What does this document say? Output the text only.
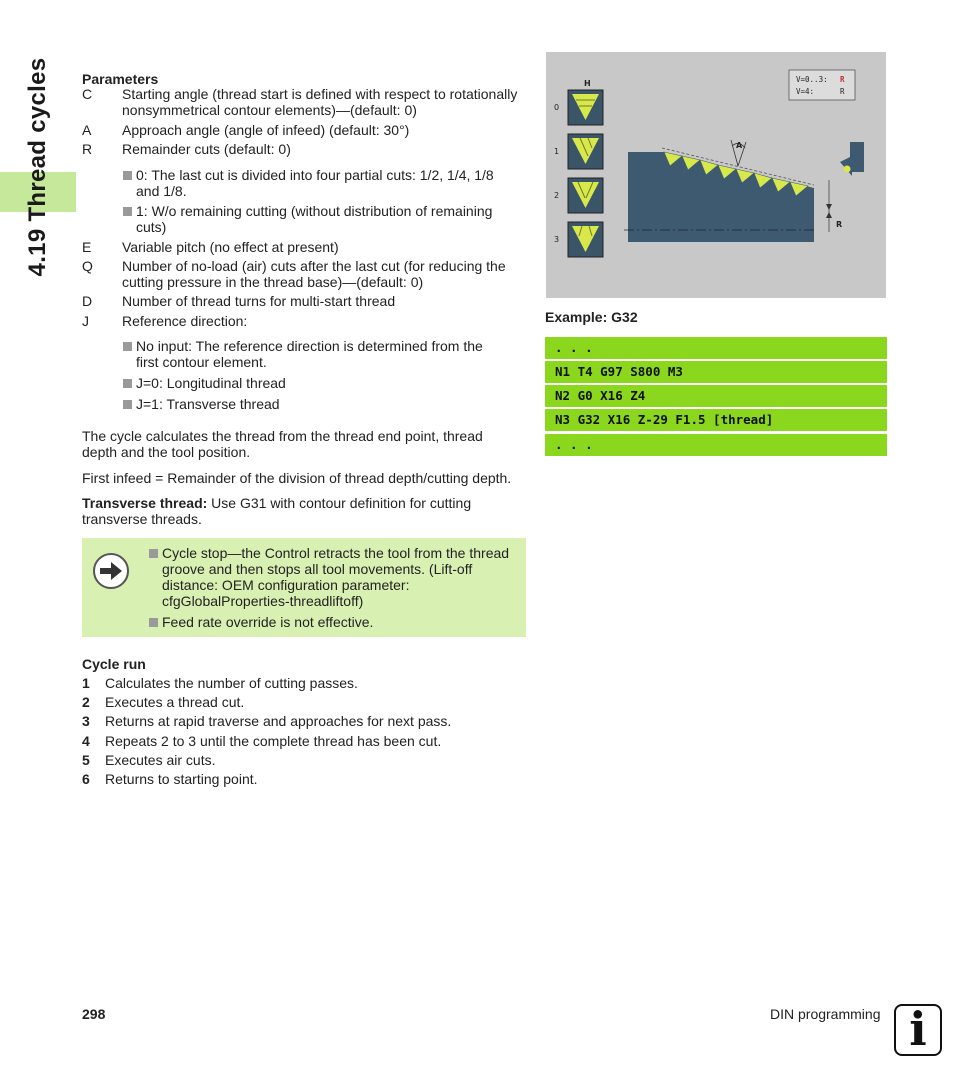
4.19 Thread cycles Parameters
C Starting angle (thread start is defined with respect to rotationally nonsymmetrical contour elements)—(default: 0)
A Approach angle (angle of infeed) (default: 30°)
R Remainder cuts (default: 0)
0: The last cut is divided into four partial cuts: 1/2, 1/4, 1/8 and 1/8.
1: W/o remaining cutting (without distribution of remaining cuts)
E Variable pitch (no effect at present)
Q Number of no-load (air) cuts after the last cut (for reducing the cutting pressure in the thread base)—(default: 0)
D Number of thread turns for multi-start thread
J Reference direction:
No input: The reference direction is determined from the first contour element.
J=0: Longitudinal thread
J=1: Transverse thread
The cycle calculates the thread from the thread end point, thread depth and the tool position.
First infeed = Remainder of the division of thread depth/cutting depth.
Transverse thread: Use G31 with contour definition for cutting transverse threads.
Cycle stop—the Control retracts the tool from the thread groove and then stops all tool movements. (Lift-off distance: OEM configuration parameter: cfgGlobalProperties-threadliftoff)
Feed rate override is not effective.
Cycle run
1 Calculates the number of cutting passes.
2 Executes a thread cut.
3 Returns at rapid traverse and approaches for next pass.
4 Repeats 2 to 3 until the complete thread has been cut.
5 Executes air cuts.
6 Returns to starting point.
H
0
1
2
3
V=0..3: R
V=4:	R
A
R
Example: G32
. . .
N1 T4 G97 S800 M3
N2 G0 X16 Z4
N3 G32 X16 Z-29 F1.5 [thread]
. . .
298	DIN programming i
